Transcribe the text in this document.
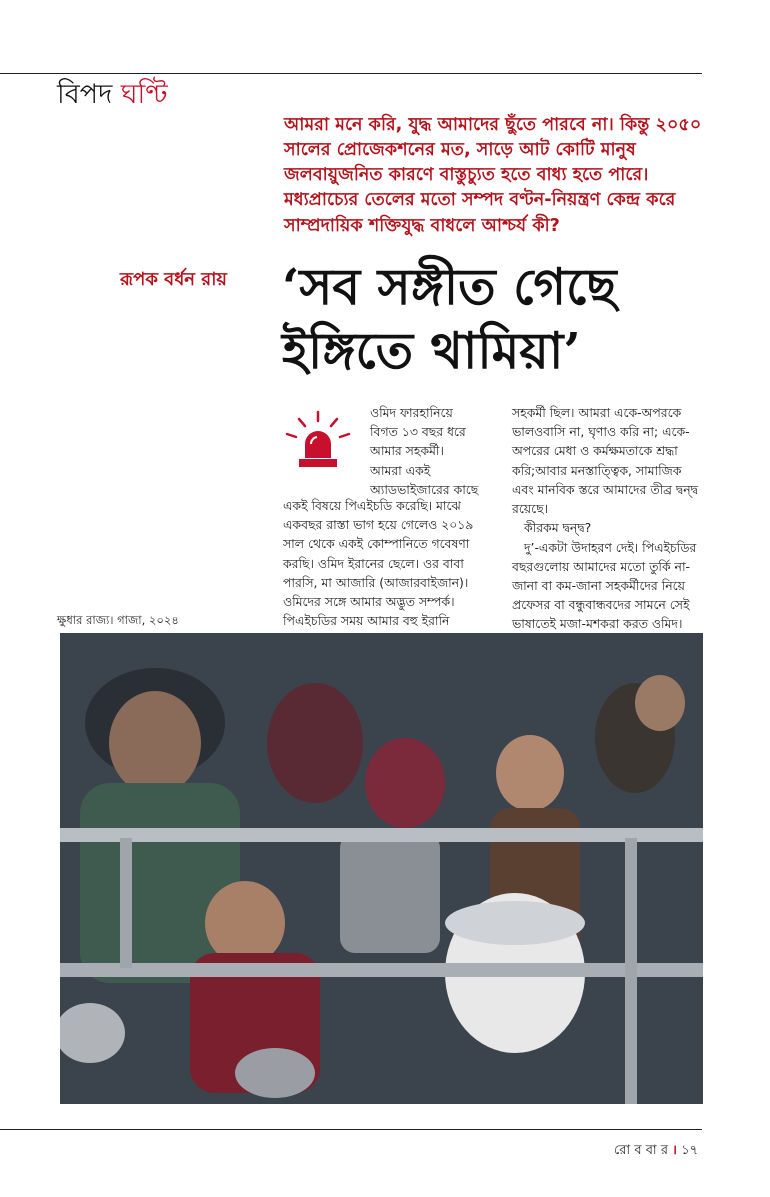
বিপদ ঘণ্টি
আমরা মনে করি, যুদ্ধ আমাদের ছুঁতে পারবে না। কিন্তু ২০৫০ সালের প্রোজেকশনের মত, সাড়ে আট কোটি মানুষ জলবায়ুজনিত কারণে বাস্তুচ্যুত হতে বাধ্য হতে পারে। মধ্যপ্রাচ্যের তেলের মতো সম্পদ বণ্টন-নিয়ন্ত্রণ কেন্দ্র করে সাম্প্রদায়িক শক্তিযুদ্ধ বাধলে আশ্চর্য কী?
রূপক বর্ধন রায় ‘সব সঙ্গীত গেছে
ইঙ্গিতে থামিয়া’
ওমিদ ফারহানিয়ে
বিগত ১৩ বছর ধরে
আমার সহকর্মী।
আমরা একই
অ্যাডভাইজারের কাছে
একই বিষয়ে পিএইচডি করেছি। মাঝে একবছর রাস্তা ভাগ হয়ে গেলেও ২০১৯ সাল থেকে একই কোম্পানিতে গবেষণা করছি। ওমিদ ইরানের ছেলে। ওর বাবা পারসি, মা আজারি (আজারবাইজান)। ওমিদের সঙ্গে আমার অদ্ভুত সম্পর্ক। পিএইচডির সময় আমার বহু ইরানি
সহকর্মী ছিল। আমরা একে-অপরকে ভালওবাসি না, ঘৃণাও করি না; একে-অপরের মেধা ও কর্মক্ষমতাকে শ্রদ্ধা করি;আবার মনস্তাত্ত্বিক, সামাজিক এবং মানবিক স্তরে আমাদের তীব্র দ্বন্দ্ব রয়েছে।
কীরকম দ্বন্দ্ব?
দু’-একটা উদাহরণ দেই। পিএইচডির বছরগুলোয় আমাদের মতো তুর্কি না-জানা বা কম-জানা সহকর্মীদের নিয়ে প্রফেসর বা বন্ধুবান্ধবদের সামনে সেই ভাষাতেই মজা-মশকরা করত ওমিদ।
ক্ষুধার রাজ্য। গাজা, ২০২৪
রো ব বা র । ১৭
